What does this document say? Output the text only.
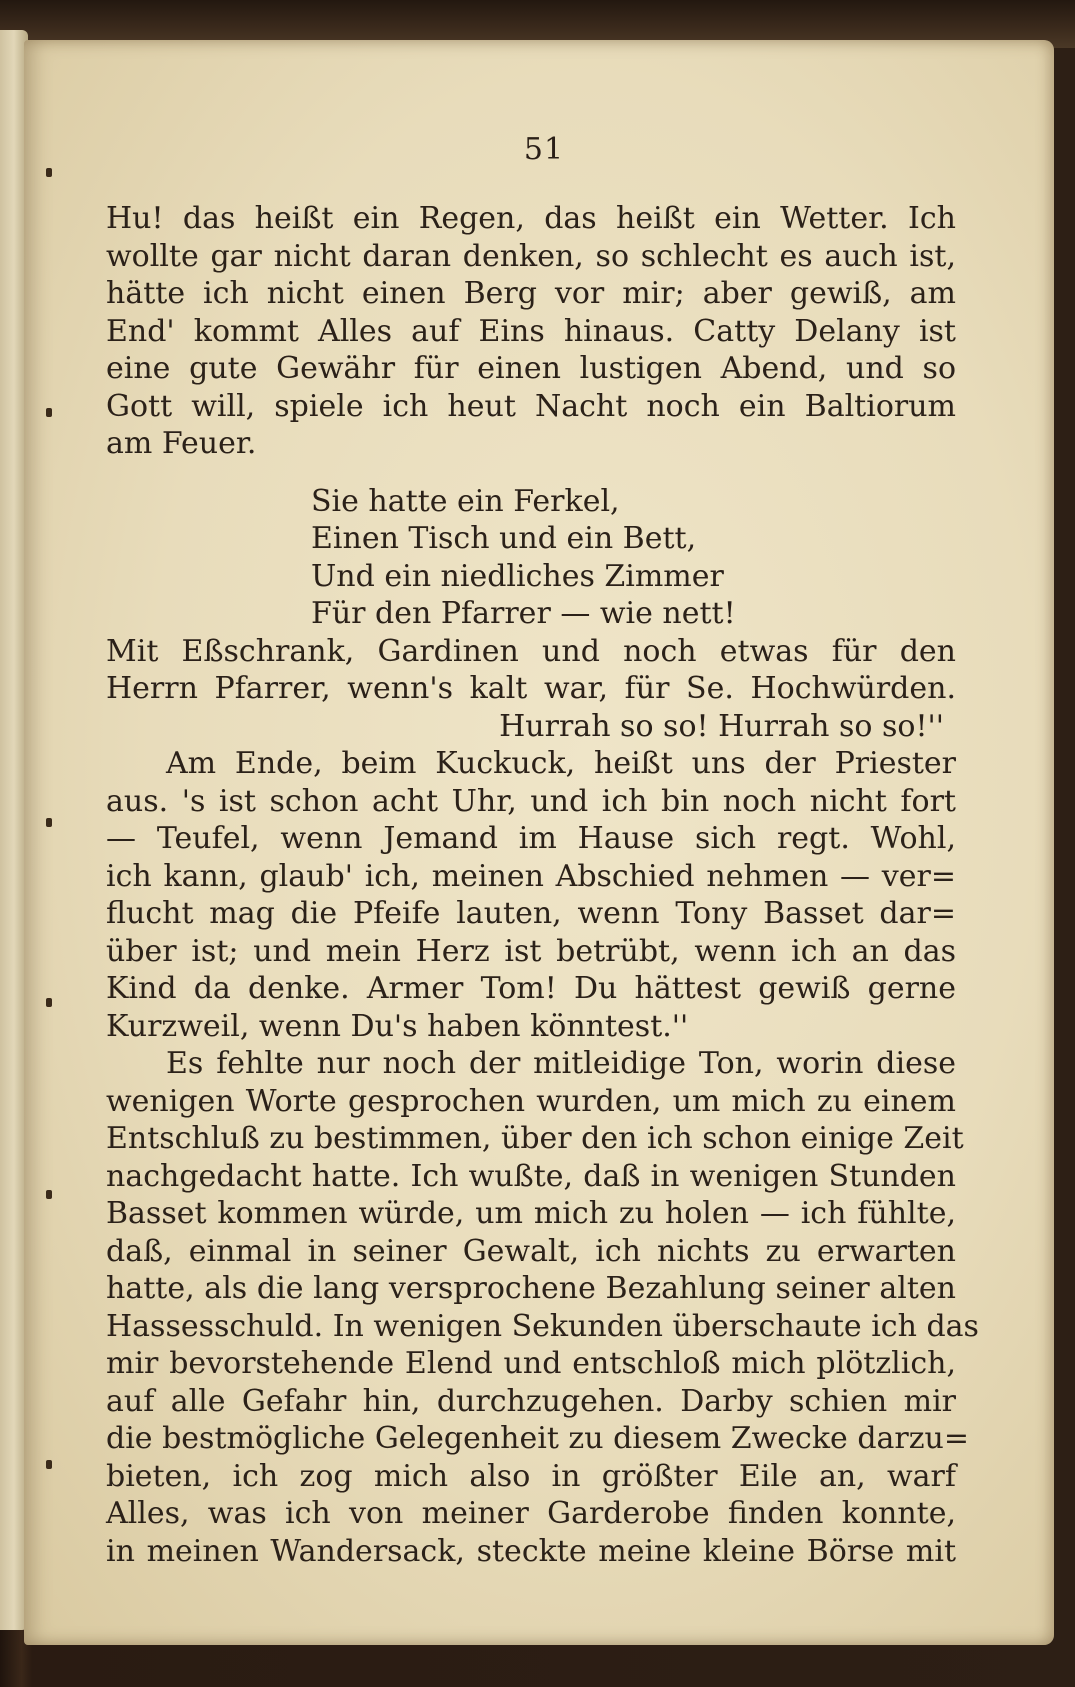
51
Hu! das heißt ein Regen, das heißt ein Wetter. Ich
wollte gar nicht daran denken, so schlecht es auch ist,
hätte ich nicht einen Berg vor mir; aber gewiß, am
End' kommt Alles auf Eins hinaus. Catty Delany ist
eine gute Gewähr für einen lustigen Abend, und so
Gott will, spiele ich heut Nacht noch ein Baltiorum
am Feuer.
Sie hatte ein Ferkel,
Einen Tisch und ein Bett,
Und ein niedliches Zimmer
Für den Pfarrer — wie nett!
Mit Eßschrank, Gardinen und noch etwas für den
Herrn Pfarrer, wenn's kalt war, für Se. Hochwürden.
Hurrah so so! Hurrah so so!''
Am Ende, beim Kuckuck, heißt uns der Priester
aus. 's ist schon acht Uhr, und ich bin noch nicht fort
— Teufel, wenn Jemand im Hause sich regt. Wohl,
ich kann, glaub' ich, meinen Abschied nehmen — ver=
flucht mag die Pfeife lauten, wenn Tony Basset dar=
über ist; und mein Herz ist betrübt, wenn ich an das
Kind da denke. Armer Tom! Du hättest gewiß gerne
Kurzweil, wenn Du's haben könntest.''
Es fehlte nur noch der mitleidige Ton, worin diese
wenigen Worte gesprochen wurden, um mich zu einem
Entschluß zu bestimmen, über den ich schon einige Zeit
nachgedacht hatte. Ich wußte, daß in wenigen Stunden
Basset kommen würde, um mich zu holen — ich fühlte,
daß, einmal in seiner Gewalt, ich nichts zu erwarten
hatte, als die lang versprochene Bezahlung seiner alten
Hassesschuld. In wenigen Sekunden überschaute ich das
mir bevorstehende Elend und entschloß mich plötzlich,
auf alle Gefahr hin, durchzugehen. Darby schien mir
die bestmögliche Gelegenheit zu diesem Zwecke darzu=
bieten, ich zog mich also in größter Eile an, warf
Alles, was ich von meiner Garderobe finden konnte,
in meinen Wandersack, steckte meine kleine Börse mit
